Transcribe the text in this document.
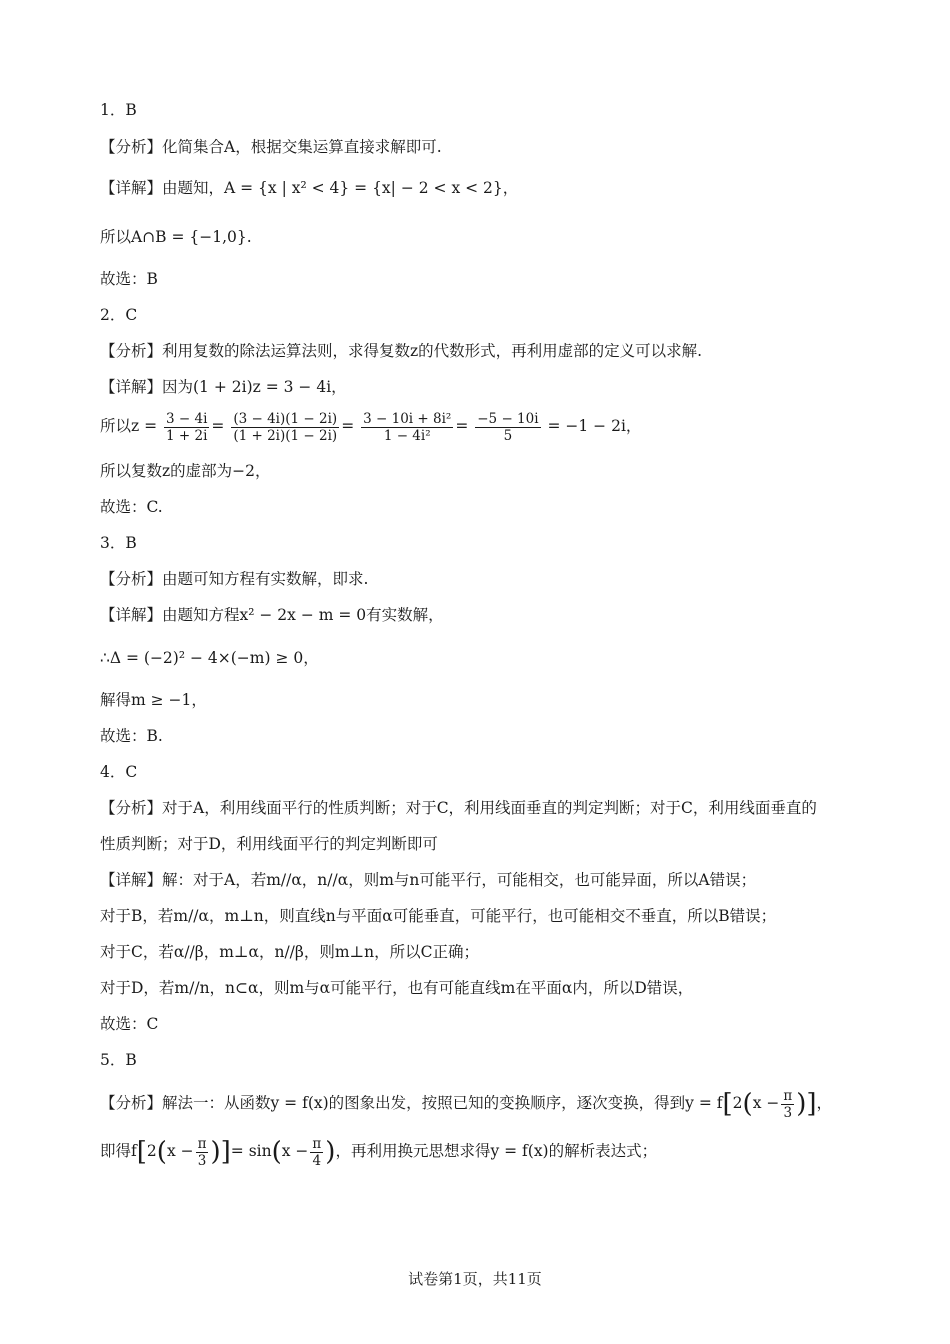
1．B
【分析】化简集合A，根据交集运算直接求解即可.
【详解】由题知，A = {x | x² < 4} = {x| − 2 < x < 2}，
所以A∩B = {−1,0}.
故选：B
2．C
【分析】利用复数的除法运算法则，求得复数z的代数形式，再利用虚部的定义可以求解.
【详解】因为(1 + 2i)z = 3 − 4i，
所以$z = \frac{3 - 4i}{1 + 2i} = \frac{(3 - 4i)(1 - 2i)}{(1 + 2i)(1 - 2i)} = \frac{\text{3 − 10i + 8i²}}{\text{1 − 4i²}} = \frac{-5 - 10i}{5} = -1 - 2i$，
所以复数z的虚部为−2，
故选：C.
3．B
【分析】由题可知方程有实数解，即求.
【详解】由题知方程x² − 2x − m = 0有实数解，
∴Δ = (−2)² − 4×(−m) ≥ 0，
解得m ≥ −1，
故选：B.
4．C
【分析】对于A，利用线面平行的性质判断；对于C，利用线面垂直的判定判断；对于C，利用线面垂直的
性质判断；对于D，利用线面平行的判定判断即可
【详解】解：对于A，若m//α，n//α，则m与n可能平行，可能相交，也可能异面，所以A错误；
对于B，若m//α，m⊥n，则直线n与平面α可能垂直，可能平行，也可能相交不垂直，所以B错误；
对于C，若α//β，m⊥α，n//β，则m⊥n，所以C正确；
对于D，若m//n，n⊂α，则m与α可能平行，也有可能直线m在平面α内，所以D错误，
故选：C
5．B
【分析】解法一：从函数y = f(x)的图象出发，按照已知的变换顺序，逐次变换，得到$y = f[2(x - \frac{\pi}{3}$ )]，
即得$f[2(x - \frac{\pi}{3}$ )]= $\sin(x - \frac{\pi}{4}$ )，再利用换元思想求得y = f(x)的解析表达式；
试卷第1页，共11页
